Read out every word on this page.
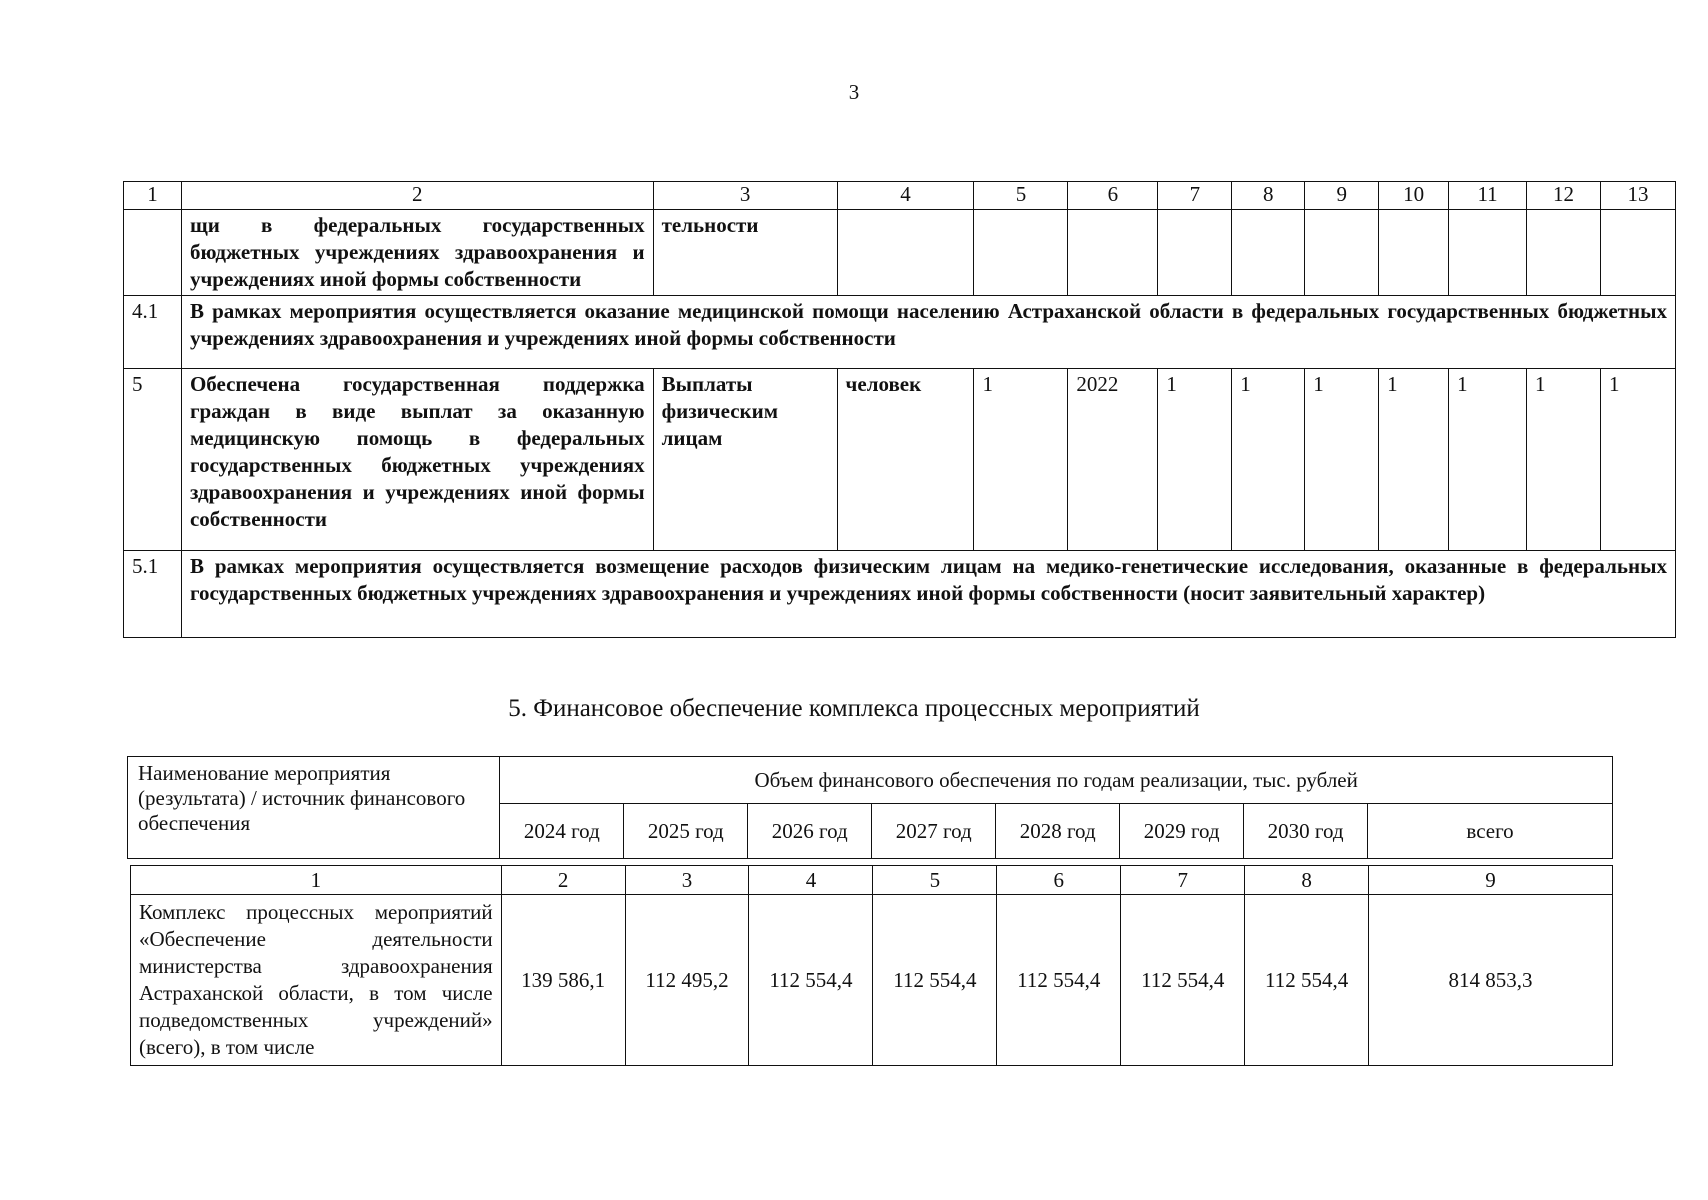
3
1	2	3	4	5	6	7	8	9	10	11	12	13
	щи в федеральных государственных бюджетных учреждениях здравоохранения и учреждениях иной формы собственности	тельности										
4.1	В рамках мероприятия осуществляется оказание медицинской помощи населению Астраханской области в федеральных государственных бюджетных учреждениях здравоохранения и учреждениях иной формы собственности											
5	Обеспечена государственная поддержка граждан в виде выплат за оказанную медицинскую помощь в федеральных государственных бюджетных учреждениях здравоохранения и учреждениях иной формы собственности	Выплаты физическим лицам	человек	1	2022	1	1	1	1	1	1	1
5.1	В рамках мероприятия осуществляется возмещение расходов физическим лицам на медико-генетические исследования, оказанные в федеральных государственных бюджетных учреждениях здравоохранения и учреждениях иной формы собственности (носит заявительный характер)											
5. Финансовое обеспечение комплекса процессных мероприятий
Наименование мероприятия (результата) / источник финансового обеспечения	Объем финансового обеспечения по годам реализации, тыс. рублей							
	2024 год	2025 год	2026 год	2027 год	2028 год	2029 год	2030 год	всего
1	2	3	4	5	6	7	8	9
Комплекс процессных мероприятий «Обеспечение деятельности министерства здравоохранения Астраханской области, в том числе подведомственных учреждений» (всего), в том числе	139 586,1	112 495,2	112 554,4	112 554,4	112 554,4	112 554,4	112 554,4	814 853,3
